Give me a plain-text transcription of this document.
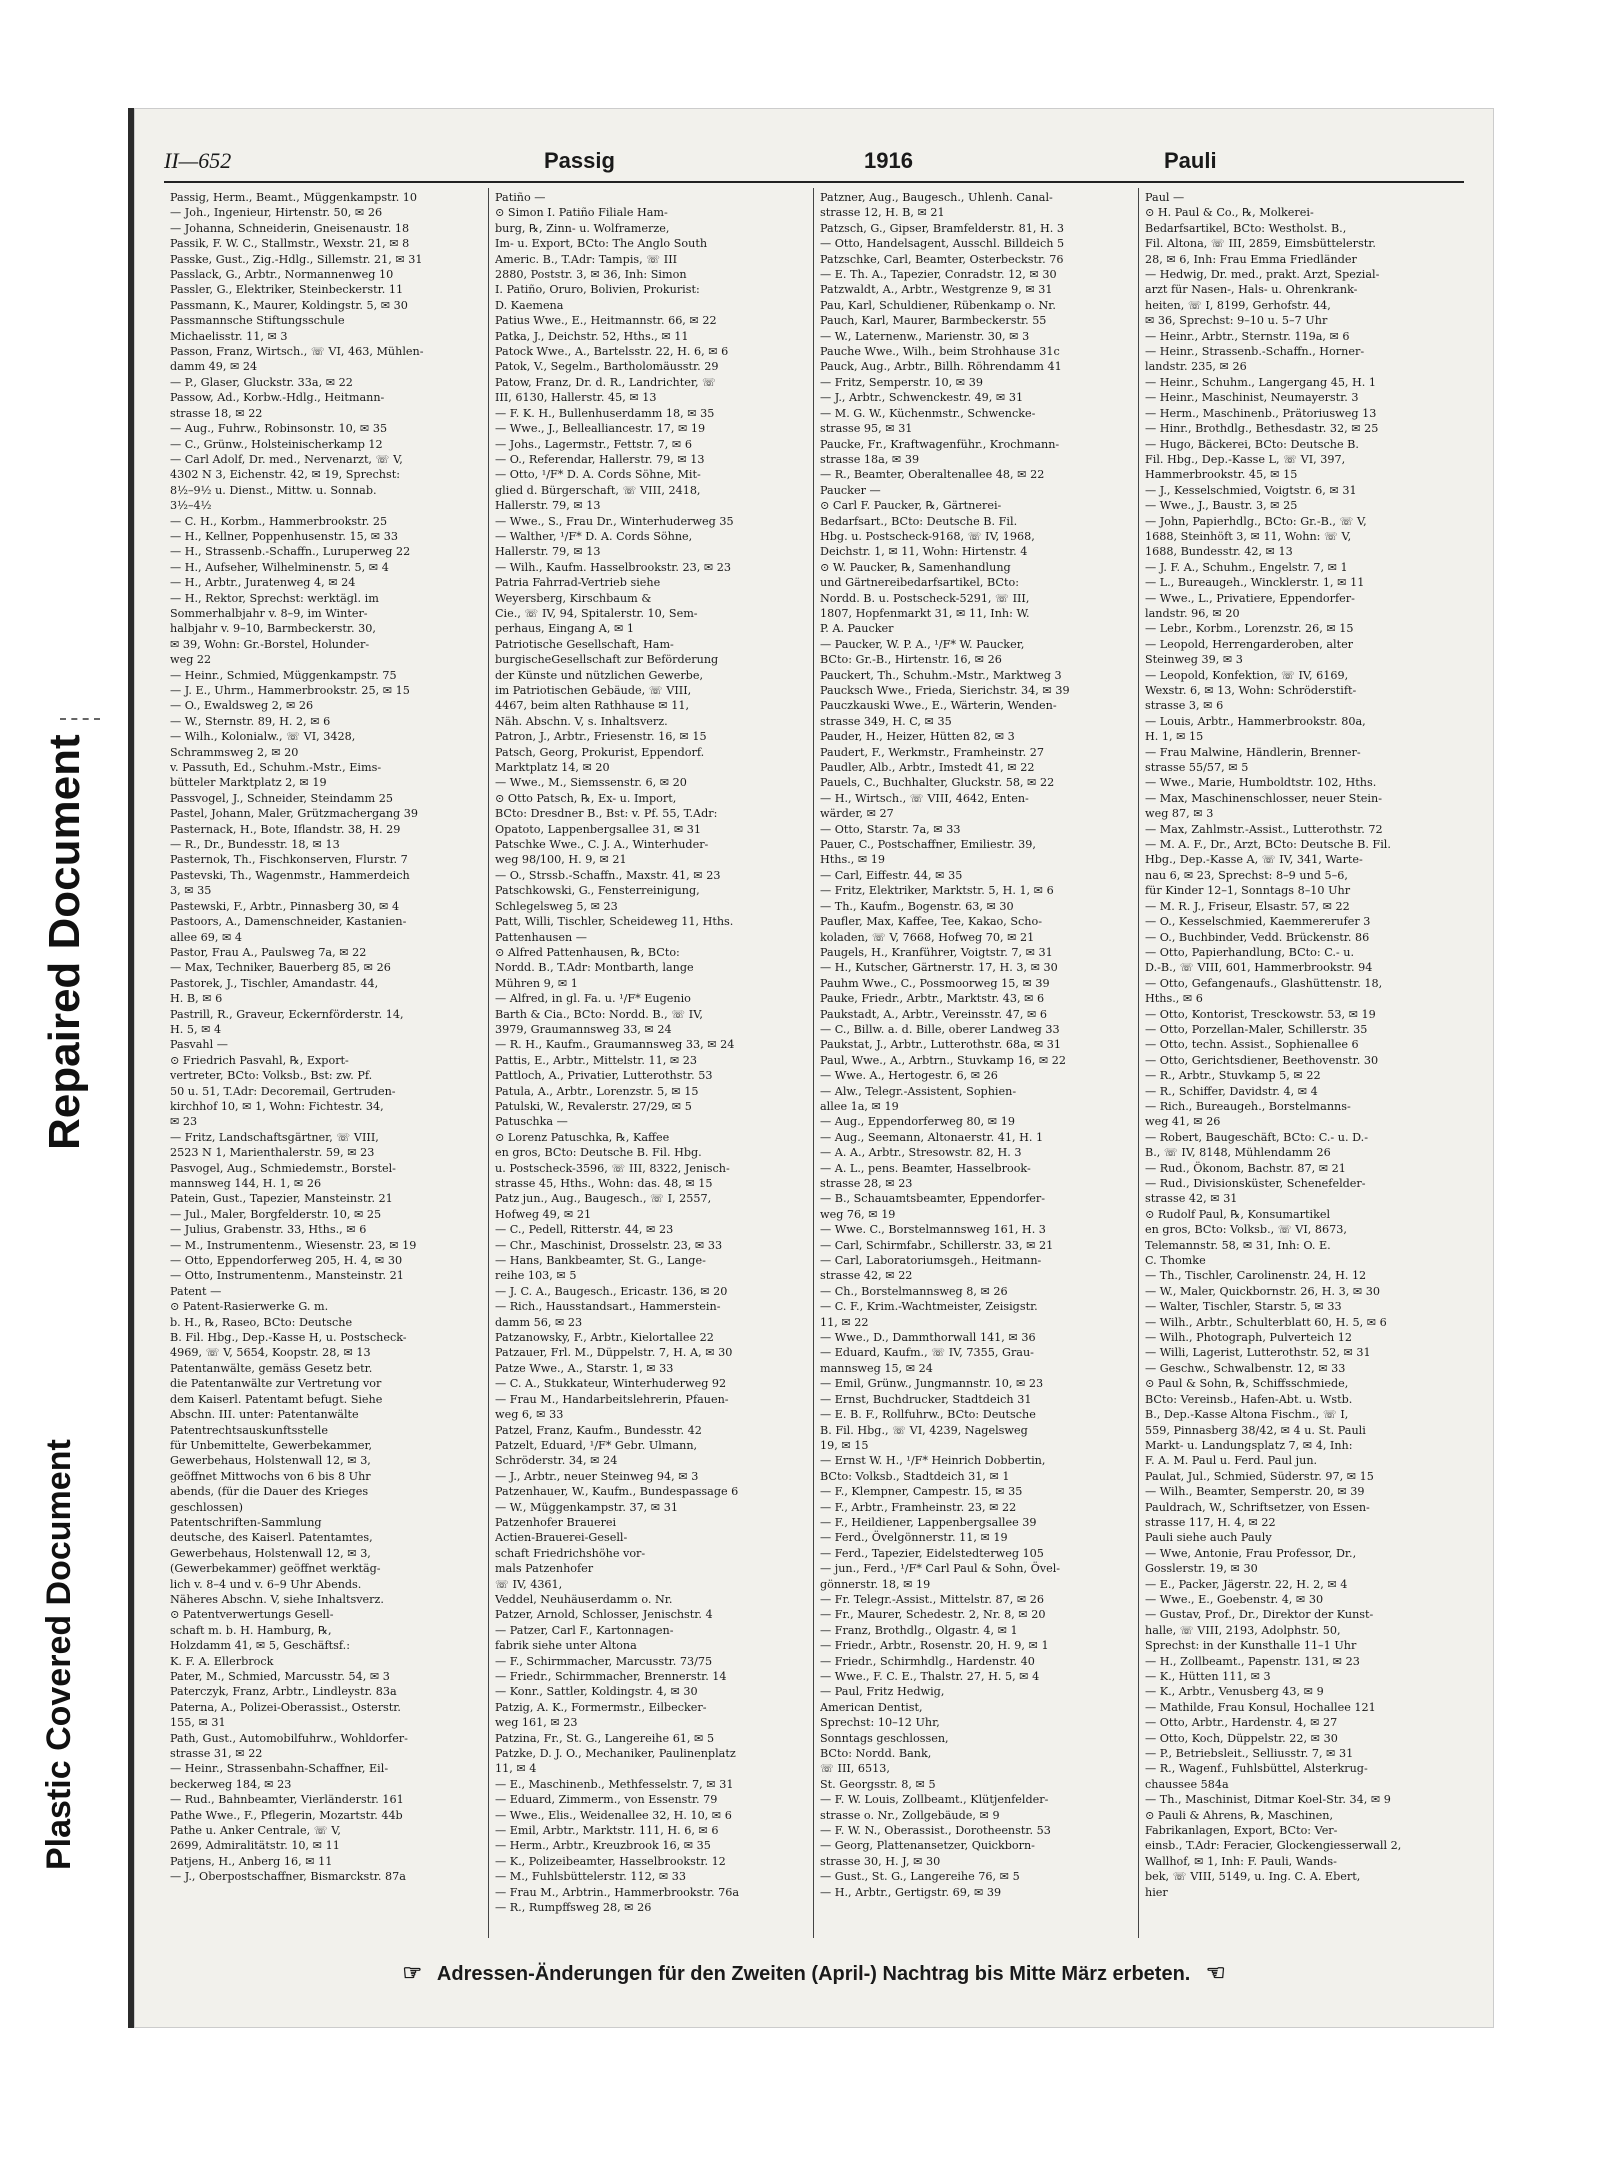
Repaired Document
Plastic Covered Document
II—652	Passig	1916	Pauli
Passig, Herm., Beamt., Müggenkampstr. 10
— Joh., Ingenieur, Hirtenstr. 50, ✉ 26
— Johanna, Schneiderin, Gneisenaustr. 18
Passik, F. W. C., Stallmstr., Wexstr. 21, ✉ 8
Passke, Gust., Zig.-Hdlg., Sillemstr. 21, ✉ 31
Passlack, G., Arbtr., Normannenweg 10
Passler, G., Elektriker, Steinbeckerstr. 11
Passmann, K., Maurer, Koldingstr. 5, ✉ 30
Passmannsche Stiftungsschule
Michaelisstr. 11, ✉ 3
Passon, Franz, Wirtsch., ☏ VI, 463, Mühlen-
damm 49, ✉ 24
— P., Glaser, Gluckstr. 33a, ✉ 22
Passow, Ad., Korbw.-Hdlg., Heitmann-
strasse 18, ✉ 22
— Aug., Fuhrw., Robinsonstr. 10, ✉ 35
— C., Grünw., Holsteinischerkamp 12
— Carl Adolf, Dr. med., Nervenarzt, ☏ V,
4302 N 3, Eichenstr. 42, ✉ 19, Sprechst:
8½–9½ u. Dienst., Mittw. u. Sonnab.
3½–4½
— C. H., Korbm., Hammerbrookstr. 25
— H., Kellner, Poppenhusenstr. 15, ✉ 33
— H., Strassenb.-Schaffn., Luruperweg 22
— H., Aufseher, Wilhelminenstr. 5, ✉ 4
— H., Arbtr., Juratenweg 4, ✉ 24
— H., Rektor, Sprechst: werktägl. im
Sommerhalbjahr v. 8–9, im Winter-
halbjahr v. 9–10, Barmbeckerstr. 30,
✉ 39, Wohn: Gr.-Borstel, Holunder-
weg 22
— Heinr., Schmied, Müggenkampstr. 75
— J. E., Uhrm., Hammerbrookstr. 25, ✉ 15
— O., Ewaldsweg 2, ✉ 26
— W., Sternstr. 89, H. 2, ✉ 6
— Wilh., Kolonialw., ☏ VI, 3428,
Schrammsweg 2, ✉ 20
v. Passuth, Ed., Schuhm.-Mstr., Eims-
bütteler Marktplatz 2, ✉ 19
Passvogel, J., Schneider, Steindamm 25
Pastel, Johann, Maler, Grützmachergang 39
Pasternack, H., Bote, Iflandstr. 38, H. 29
— R., Dr., Bundesstr. 18, ✉ 13
Pasternok, Th., Fischkonserven, Flurstr. 7
Pastevski, Th., Wagenmstr., Hammerdeich
3, ✉ 35
Pastewski, F., Arbtr., Pinnasberg 30, ✉ 4
Pastoors, A., Damenschneider, Kastanien-
allee 69, ✉ 4
Pastor, Frau A., Paulsweg 7a, ✉ 22
— Max, Techniker, Bauerberg 85, ✉ 26
Pastorek, J., Tischler, Amandastr. 44,
H. B, ✉ 6
Pastrill, R., Graveur, Eckernförderstr. 14,
H. 5, ✉ 4
Pasvahl —
⊙ Friedrich Pasvahl, ℞, Export-
vertreter, BCto: Volksb., Bst: zw. Pf.
50 u. 51, T.Adr: Decoremail, Gertruden-
kirchhof 10, ✉ 1, Wohn: Fichtestr. 34,
✉ 23
— Fritz, Landschaftsgärtner, ☏ VIII,
2523 N 1, Marienthalerstr. 59, ✉ 23
Pasvogel, Aug., Schmiedemstr., Borstel-
mannsweg 144, H. 1, ✉ 26
Patein, Gust., Tapezier, Mansteinstr. 21
— Jul., Maler, Borgfelderstr. 10, ✉ 25
— Julius, Grabenstr. 33, Hths., ✉ 6
— M., Instrumentenm., Wiesenstr. 23, ✉ 19
— Otto, Eppendorferweg 205, H. 4, ✉ 30
— Otto, Instrumentenm., Mansteinstr. 21
Patent —
⊙ Patent-Rasierwerke G. m.
b. H., ℞, Raseo, BCto: Deutsche
B. Fil. Hbg., Dep.-Kasse H, u. Postscheck-
4969, ☏ V, 5654, Koopstr. 28, ✉ 13
Patentanwälte, gemäss Gesetz betr.
die Patentanwälte zur Vertretung vor
dem Kaiserl. Patentamt befugt. Siehe
Abschn. III. unter: Patentanwälte
Patentrechtsauskunftsstelle
für Unbemittelte, Gewerbekammer,
Gewerbehaus, Holstenwall 12, ✉ 3,
geöffnet Mittwochs von 6 bis 8 Uhr
abends, (für die Dauer des Krieges
geschlossen)
Patentschriften-Sammlung
deutsche, des Kaiserl. Patentamtes,
Gewerbehaus, Holstenwall 12, ✉ 3,
(Gewerbekammer) geöffnet werktäg-
lich v. 8–4 und v. 6–9 Uhr Abends.
Näheres Abschn. V, siehe Inhaltsverz.
⊙ Patentverwertungs Gesell-
schaft m. b. H. Hamburg, ℞,
Holzdamm 41, ✉ 5, Geschäftsf.:
K. F. A. Ellerbrock
Pater, M., Schmied, Marcusstr. 54, ✉ 3
Paterczyk, Franz, Arbtr., Lindleystr. 83a
Paterna, A., Polizei-Oberassist., Osterstr.
155, ✉ 31
Path, Gust., Automobilfuhrw., Wohldorfer-
strasse 31, ✉ 22
— Heinr., Strassenbahn-Schaffner, Eil-
beckerweg 184, ✉ 23
— Rud., Bahnbeamter, Vierländerstr. 161
Pathe Wwe., F., Pflegerin, Mozartstr. 44b
Pathe u. Anker Centrale, ☏ V,
2699, Admiralitätstr. 10, ✉ 11
Patjens, H., Anberg 16, ✉ 11
— J., Oberpostschaffner, Bismarckstr. 87a
Patiño —
⊙ Simon I. Patiño Filiale Ham-
burg, ℞, Zinn- u. Wolframerze,
Im- u. Export, BCto: The Anglo South
Americ. B., T.Adr: Tampis, ☏ III
2880, Poststr. 3, ✉ 36, Inh: Simon
I. Patiño, Oruro, Bolivien, Prokurist:
D. Kaemena
Patius Wwe., E., Heitmannstr. 66, ✉ 22
Patka, J., Deichstr. 52, Hths., ✉ 11
Patock Wwe., A., Bartelsstr. 22, H. 6, ✉ 6
Patok, V., Segelm., Bartholomäusstr. 29
Patow, Franz, Dr. d. R., Landrichter, ☏
III, 6130, Hallerstr. 45, ✉ 13
— F. K. H., Bullenhuserdamm 18, ✉ 35
— Wwe., J., Bellealliancestr. 17, ✉ 19
— Johs., Lagermstr., Fettstr. 7, ✉ 6
— O., Referendar, Hallerstr. 79, ✉ 13
— Otto, ¹/F* D. A. Cords Söhne, Mit-
glied d. Bürgerschaft, ☏ VIII, 2418,
Hallerstr. 79, ✉ 13
— Wwe., S., Frau Dr., Winterhuderweg 35
— Walther, ¹/F* D. A. Cords Söhne,
Hallerstr. 79, ✉ 13
— Wilh., Kaufm. Hasselbrookstr. 23, ✉ 23
Patria Fahrrad-Vertrieb siehe
Weyersberg, Kirschbaum &
Cie., ☏ IV, 94, Spitalerstr. 10, Sem-
perhaus, Eingang A, ✉ 1
Patriotische Gesellschaft, Ham-
burgischeGesellschaft zur Beförderung
der Künste und nützlichen Gewerbe,
im Patriotischen Gebäude, ☏ VIII,
4467, beim alten Rathhause ✉ 11,
Näh. Abschn. V, s. Inhaltsverz.
Patron, J., Arbtr., Friesenstr. 16, ✉ 15
Patsch, Georg, Prokurist, Eppendorf.
Marktplatz 14, ✉ 20
— Wwe., M., Siemssenstr. 6, ✉ 20
⊙ Otto Patsch, ℞, Ex- u. Import,
BCto: Dresdner B., Bst: v. Pf. 55, T.Adr:
Opatoto, Lappenbergsallee 31, ✉ 31
Patschke Wwe., C. J. A., Winterhuder-
weg 98/100, H. 9, ✉ 21
— O., Strssb.-Schaffn., Maxstr. 41, ✉ 23
Patschkowski, G., Fensterreinigung,
Schlegelsweg 5, ✉ 23
Patt, Willi, Tischler, Scheideweg 11, Hths.
Pattenhausen —
⊙ Alfred Pattenhausen, ℞, BCto:
Nordd. B., T.Adr: Montbarth, lange
Mühren 9, ✉ 1
— Alfred, in gl. Fa. u. ¹/F* Eugenio
Barth & Cia., BCto: Nordd. B., ☏ IV,
3979, Graumannsweg 33, ✉ 24
— R. H., Kaufm., Graumannsweg 33, ✉ 24
Pattis, E., Arbtr., Mittelstr. 11, ✉ 23
Pattloch, A., Privatier, Lutterothstr. 53
Patula, A., Arbtr., Lorenzstr. 5, ✉ 15
Patulski, W., Revalerstr. 27/29, ✉ 5
Patuschka —
⊙ Lorenz Patuschka, ℞, Kaffee
en gros, BCto: Deutsche B. Fil. Hbg.
u. Postscheck-3596, ☏ III, 8322, Jenisch-
strasse 45, Hths., Wohn: das. 48, ✉ 15
Patz jun., Aug., Baugesch., ☏ I, 2557,
Hofweg 49, ✉ 21
— C., Pedell, Ritterstr. 44, ✉ 23
— Chr., Maschinist, Drosselstr. 23, ✉ 33
— Hans, Bankbeamter, St. G., Lange-
reihe 103, ✉ 5
— J. C. A., Baugesch., Ericastr. 136, ✉ 20
— Rich., Hausstandsart., Hammerstein-
damm 56, ✉ 23
Patzanowsky, F., Arbtr., Kielortallee 22
Patzauer, Frl. M., Düppelstr. 7, H. A, ✉ 30
Patze Wwe., A., Starstr. 1, ✉ 33
— C. A., Stukkateur, Winterhuderweg 92
— Frau M., Handarbeitslehrerin, Pfauen-
weg 6, ✉ 33
Patzel, Franz, Kaufm., Bundesstr. 42
Patzelt, Eduard, ¹/F* Gebr. Ulmann,
Schröderstr. 34, ✉ 24
— J., Arbtr., neuer Steinweg 94, ✉ 3
Patzenhauer, W., Kaufm., Bundespassage 6
— W., Müggenkampstr. 37, ✉ 31
Patzenhofer Brauerei
Actien-Brauerei-Gesell-
schaft Friedrichshöhe vor-
mals Patzenhofer
☏ IV, 4361,
Veddel, Neuhäuserdamm o. Nr.
Patzer, Arnold, Schlosser, Jenischstr. 4
— Patzer, Carl F., Kartonnagen-
fabrik siehe unter Altona
— F., Schirmmacher, Marcusstr. 73/75
— Friedr., Schirmmacher, Brennerstr. 14
— Konr., Sattler, Koldingstr. 4, ✉ 30
Patzig, A. K., Formermstr., Eilbecker-
weg 161, ✉ 23
Patzina, Fr., St. G., Langereihe 61, ✉ 5
Patzke, D. J. O., Mechaniker, Paulinenplatz
11, ✉ 4
— E., Maschinenb., Methfesselstr. 7, ✉ 31
— Eduard, Zimmerm., von Essenstr. 79
— Wwe., Elis., Weidenallee 32, H. 10, ✉ 6
— Emil, Arbtr., Marktstr. 111, H. 6, ✉ 6
— Herm., Arbtr., Kreuzbrook 16, ✉ 35
— K., Polizeibeamter, Hasselbrookstr. 12
— M., Fuhlsbüttelerstr. 112, ✉ 33
— Frau M., Arbtrin., Hammerbrookstr. 76a
— R., Rumpffsweg 28, ✉ 26
Patzner, Aug., Baugesch., Uhlenh. Canal-
strasse 12, H. B, ✉ 21
Patzsch, G., Gipser, Bramfelderstr. 81, H. 3
— Otto, Handelsagent, Ausschl. Billdeich 5
Patzschke, Carl, Beamter, Osterbeckstr. 76
— E. Th. A., Tapezier, Conradstr. 12, ✉ 30
Patzwaldt, A., Arbtr., Westgrenze 9, ✉ 31
Pau, Karl, Schuldiener, Rübenkamp o. Nr.
Pauch, Karl, Maurer, Barmbeckerstr. 55
— W., Laternenw., Marienstr. 30, ✉ 3
Pauche Wwe., Wilh., beim Strohhause 31c
Pauck, Aug., Arbtr., Billh. Röhrendamm 41
— Fritz, Semperstr. 10, ✉ 39
— J., Arbtr., Schwenckestr. 49, ✉ 31
— M. G. W., Küchenmstr., Schwencke-
strasse 95, ✉ 31
Paucke, Fr., Kraftwagenführ., Krochmann-
strasse 18a, ✉ 39
— R., Beamter, Oberaltenallee 48, ✉ 22
Paucker —
⊙ Carl F. Paucker, ℞, Gärtnerei-
Bedarfsart., BCto: Deutsche B. Fil.
Hbg. u. Postscheck-9168, ☏ IV, 1968,
Deichstr. 1, ✉ 11, Wohn: Hirtenstr. 4
⊙ W. Paucker, ℞, Samenhandlung
und Gärtnereibedarfsartikel, BCto:
Nordd. B. u. Postscheck-5291, ☏ III,
1807, Hopfenmarkt 31, ✉ 11, Inh: W.
P. A. Paucker
— Paucker, W. P. A., ¹/F* W. Paucker,
BCto: Gr.-B., Hirtenstr. 16, ✉ 26
Pauckert, Th., Schuhm.-Mstr., Marktweg 3
Paucksch Wwe., Frieda, Sierichstr. 34, ✉ 39
Pauczkauski Wwe., E., Wärterin, Wenden-
strasse 349, H. C, ✉ 35
Pauder, H., Heizer, Hütten 82, ✉ 3
Paudert, F., Werkmstr., Framheinstr. 27
Paudler, Alb., Arbtr., Imstedt 41, ✉ 22
Pauels, C., Buchhalter, Gluckstr. 58, ✉ 22
— H., Wirtsch., ☏ VIII, 4642, Enten-
wärder, ✉ 27
— Otto, Starstr. 7a, ✉ 33
Pauer, C., Postschaffner, Emiliestr. 39,
Hths., ✉ 19
— Carl, Eiffestr. 44, ✉ 35
— Fritz, Elektriker, Marktstr. 5, H. 1, ✉ 6
— Th., Kaufm., Bogenstr. 63, ✉ 30
Paufler, Max, Kaffee, Tee, Kakao, Scho-
koladen, ☏ V, 7668, Hofweg 70, ✉ 21
Paugels, H., Kranführer, Voigtstr. 7, ✉ 31
— H., Kutscher, Gärtnerstr. 17, H. 3, ✉ 30
Pauhm Wwe., C., Possmoorweg 15, ✉ 39
Pauke, Friedr., Arbtr., Marktstr. 43, ✉ 6
Paukstadt, A., Arbtr., Vereinsstr. 47, ✉ 6
— C., Billw. a. d. Bille, oberer Landweg 33
Paukstat, J., Arbtr., Lutterothstr. 68a, ✉ 31
Paul, Wwe., A., Arbtrn., Stuvkamp 16, ✉ 22
— Wwe. A., Hertogestr. 6, ✉ 26
— Alw., Telegr.-Assistent, Sophien-
allee 1a, ✉ 19
— Aug., Eppendorferweg 80, ✉ 19
— Aug., Seemann, Altonaerstr. 41, H. 1
— A. A., Arbtr., Stresowstr. 82, H. 3
— A. L., pens. Beamter, Hasselbrook-
strasse 28, ✉ 23
— B., Schauamtsbeamter, Eppendorfer-
weg 76, ✉ 19
— Wwe. C., Borstelmannsweg 161, H. 3
— Carl, Schirmfabr., Schillerstr. 33, ✉ 21
— Carl, Laboratoriumsgeh., Heitmann-
strasse 42, ✉ 22
— Ch., Borstelmannsweg 8, ✉ 26
— C. F., Krim.-Wachtmeister, Zeisigstr.
11, ✉ 22
— Wwe., D., Dammthorwall 141, ✉ 36
— Eduard, Kaufm., ☏ IV, 7355, Grau-
mannsweg 15, ✉ 24
— Emil, Grünw., Jungmannstr. 10, ✉ 23
— Ernst, Buchdrucker, Stadtdeich 31
— E. B. F., Rollfuhrw., BCto: Deutsche
B. Fil. Hbg., ☏ VI, 4239, Nagelsweg
19, ✉ 15
— Ernst W. H., ¹/F* Heinrich Dobbertin,
BCto: Volksb., Stadtdeich 31, ✉ 1
— F., Klempner, Campestr. 15, ✉ 35
— F., Arbtr., Framheinstr. 23, ✉ 22
— F., Heildiener, Lappenbergsallee 39
— Ferd., Övelgönnerstr. 11, ✉ 19
— Ferd., Tapezier, Eidelstedterweg 105
— jun., Ferd., ¹/F* Carl Paul & Sohn, Övel-
gönnerstr. 18, ✉ 19
— Fr. Telegr.-Assist., Mittelstr. 87, ✉ 26
— Fr., Maurer, Schedestr. 2, Nr. 8, ✉ 20
— Franz, Brothdlg., Olgastr. 4, ✉ 1
— Friedr., Arbtr., Rosenstr. 20, H. 9, ✉ 1
— Friedr., Schirmhdlg., Hardenstr. 40
— Wwe., F. C. E., Thalstr. 27, H. 5, ✉ 4
— Paul, Fritz Hedwig,
American Dentist,
Sprechst: 10–12 Uhr,
Sonntags geschlossen,
BCto: Nordd. Bank,
☏ III, 6513,
St. Georgsstr. 8, ✉ 5
— F. W. Louis, Zollbeamt., Klütjenfelder-
strasse o. Nr., Zollgebäude, ✉ 9
— F. W. N., Oberassist., Dorotheenstr. 53
— Georg, Plattenansetzer, Quickborn-
strasse 30, H. J, ✉ 30
— Gust., St. G., Langereihe 76, ✉ 5
— H., Arbtr., Gertigstr. 69, ✉ 39
Paul —
⊙ H. Paul & Co., ℞, Molkerei-
Bedarfsartikel, BCto: Westholst. B.,
Fil. Altona, ☏ III, 2859, Eimsbüttelerstr.
28, ✉ 6, Inh: Frau Emma Friedländer
— Hedwig, Dr. med., prakt. Arzt, Spezial-
arzt für Nasen-, Hals- u. Ohrenkrank-
heiten, ☏ I, 8199, Gerhofstr. 44,
✉ 36, Sprechst: 9–10 u. 5–7 Uhr
— Heinr., Arbtr., Sternstr. 119a, ✉ 6
— Heinr., Strassenb.-Schaffn., Horner-
landstr. 235, ✉ 26
— Heinr., Schuhm., Langergang 45, H. 1
— Heinr., Maschinist, Neumayerstr. 3
— Herm., Maschinenb., Prätoriusweg 13
— Hinr., Brothdlg., Bethesdastr. 32, ✉ 25
— Hugo, Bäckerei, BCto: Deutsche B.
Fil. Hbg., Dep.-Kasse L, ☏ VI, 397,
Hammerbrookstr. 45, ✉ 15
— J., Kesselschmied, Voigtstr. 6, ✉ 31
— Wwe., J., Baustr. 3, ✉ 25
— John, Papierhdlg., BCto: Gr.-B., ☏ V,
1688, Steinhöft 3, ✉ 11, Wohn: ☏ V,
1688, Bundesstr. 42, ✉ 13
— J. F. A., Schuhm., Engelstr. 7, ✉ 1
— L., Bureaugeh., Wincklerstr. 1, ✉ 11
— Wwe., L., Privatiere, Eppendorfer-
landstr. 96, ✉ 20
— Lebr., Korbm., Lorenzstr. 26, ✉ 15
— Leopold, Herrengarderoben, alter
Steinweg 39, ✉ 3
— Leopold, Konfektion, ☏ IV, 6169,
Wexstr. 6, ✉ 13, Wohn: Schröderstift-
strasse 3, ✉ 6
— Louis, Arbtr., Hammerbrookstr. 80a,
H. 1, ✉ 15
— Frau Malwine, Händlerin, Brenner-
strasse 55/57, ✉ 5
— Wwe., Marie, Humboldtstr. 102, Hths.
— Max, Maschinenschlosser, neuer Stein-
weg 87, ✉ 3
— Max, Zahlmstr.-Assist., Lutterothstr. 72
— M. A. F., Dr., Arzt, BCto: Deutsche B. Fil.
Hbg., Dep.-Kasse A, ☏ IV, 341, Warte-
nau 6, ✉ 23, Sprechst: 8–9 und 5–6,
für Kinder 12–1, Sonntags 8–10 Uhr
— M. R. J., Friseur, Elsastr. 57, ✉ 22
— O., Kesselschmied, Kaemmererufer 3
— O., Buchbinder, Vedd. Brückenstr. 86
— Otto, Papierhandlung, BCto: C.- u.
D.-B., ☏ VIII, 601, Hammerbrookstr. 94
— Otto, Gefangenaufs., Glashüttenstr. 18,
Hths., ✉ 6
— Otto, Kontorist, Tresckowstr. 53, ✉ 19
— Otto, Porzellan-Maler, Schillerstr. 35
— Otto, techn. Assist., Sophienallee 6
— Otto, Gerichtsdiener, Beethovenstr. 30
— R., Arbtr., Stuvkamp 5, ✉ 22
— R., Schiffer, Davidstr. 4, ✉ 4
— Rich., Bureaugeh., Borstelmanns-
weg 41, ✉ 26
— Robert, Baugeschäft, BCto: C.- u. D.-
B., ☏ IV, 8148, Mühlendamm 26
— Rud., Ökonom, Bachstr. 87, ✉ 21
— Rud., Divisionsküster, Schenefelder-
strasse 42, ✉ 31
⊙ Rudolf Paul, ℞, Konsumartikel
en gros, BCto: Volksb., ☏ VI, 8673,
Telemannstr. 58, ✉ 31, Inh: O. E.
C. Thomke
— Th., Tischler, Carolinenstr. 24, H. 12
— W., Maler, Quickbornstr. 26, H. 3, ✉ 30
— Walter, Tischler, Starstr. 5, ✉ 33
— Wilh., Arbtr., Schulterblatt 60, H. 5, ✉ 6
— Wilh., Photograph, Pulverteich 12
— Willi, Lagerist, Lutterothstr. 52, ✉ 31
— Geschw., Schwalbenstr. 12, ✉ 33
⊙ Paul & Sohn, ℞, Schiffsschmiede,
BCto: Vereinsb., Hafen-Abt. u. Wstb.
B., Dep.-Kasse Altona Fischm., ☏ I,
559, Pinnasberg 38/42, ✉ 4 u. St. Pauli
Markt- u. Landungsplatz 7, ✉ 4, Inh:
F. A. M. Paul u. Ferd. Paul jun.
Paulat, Jul., Schmied, Süderstr. 97, ✉ 15
— Wilh., Beamter, Semperstr. 20, ✉ 39
Pauldrach, W., Schriftsetzer, von Essen-
strasse 117, H. 4, ✉ 22
Pauli siehe auch Pauly
— Wwe, Antonie, Frau Professor, Dr.,
Gosslerstr. 19, ✉ 30
— E., Packer, Jägerstr. 22, H. 2, ✉ 4
— Wwe., E., Goebenstr. 4, ✉ 30
— Gustav, Prof., Dr., Direktor der Kunst-
halle, ☏ VIII, 2193, Adolphstr. 50,
Sprechst: in der Kunsthalle 11–1 Uhr
— H., Zollbeamt., Papenstr. 131, ✉ 23
— K., Hütten 111, ✉ 3
— K., Arbtr., Venusberg 43, ✉ 9
— Mathilde, Frau Konsul, Hochallee 121
— Otto, Arbtr., Hardenstr. 4, ✉ 27
— Otto, Koch, Düppelstr. 22, ✉ 30
— P., Betriebsleit., Selliusstr. 7, ✉ 31
— R., Wagenf., Fuhlsbüttel, Alsterkrug-
chaussee 584a
— Th., Maschinist, Ditmar Koel-Str. 34, ✉ 9
⊙ Pauli & Ahrens, ℞, Maschinen,
Fabrikanlagen, Export, BCto: Ver-
einsb., T.Adr: Feracier, Glockengiesserwall 2,
Wallhof, ✉ 1, Inh: F. Pauli, Wands-
bek, ☏ VIII, 5149, u. Ing. C. A. Ebert,
hier
☞ Adressen-Änderungen für den Zweiten (April-) Nachtrag bis Mitte März erbeten. ☜
